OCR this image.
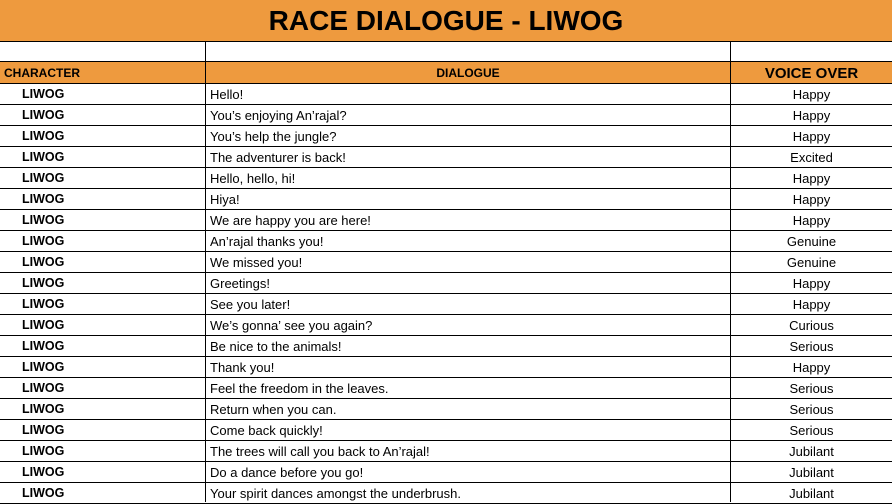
RACE DIALOGUE - LIWOG
CHARACTER	DIALOGUE	VOICE OVER
LIWOG	Hello!	Happy
LIWOG	You’s enjoying An’rajal?	Happy
LIWOG	You’s help the jungle?	Happy
LIWOG	The adventurer is back!	Excited
LIWOG	Hello, hello, hi!	Happy
LIWOG	Hiya!	Happy
LIWOG	We are happy you are here!	Happy
LIWOG	An’rajal thanks you!	Genuine
LIWOG	We missed you!	Genuine
LIWOG	Greetings!	Happy
LIWOG	See you later!	Happy
LIWOG	We’s gonna’ see you again?	Curious
LIWOG	Be nice to the animals!	Serious
LIWOG	Thank you!	Happy
LIWOG	Feel the freedom in the leaves.	Serious
LIWOG	Return when you can.	Serious
LIWOG	Come back quickly!	Serious
LIWOG	The trees will call you back to An’rajal!	Jubilant
LIWOG	Do a dance before you go!	Jubilant
LIWOG	Your spirit dances amongst the underbrush.	Jubilant
